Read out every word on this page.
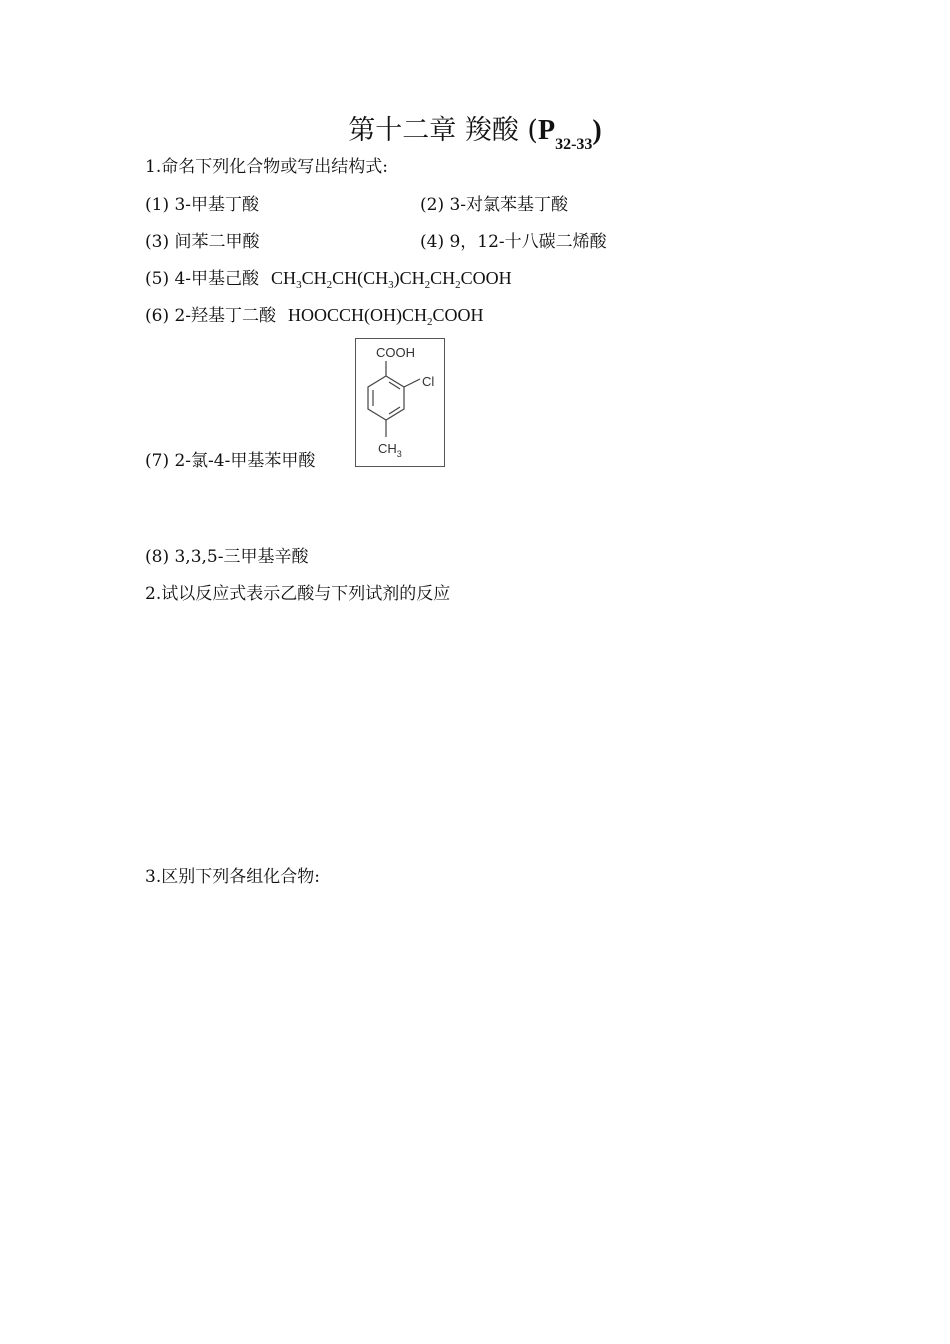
第十二章 羧酸 $(P_{32-33})$
1.命名下列化合物或写出结构式:
(1) 3-甲基丁酸	(2) 3-对氯苯基丁酸
(3) 间苯二甲酸	(4) 9，12-十八碳二烯酸
(5) 4-甲基己酸 $CH_3CH_2CH(CH_3)CH_2CH_2COOH$
(6) 2-羟基丁二酸 $HOOCCH(OH)CH_2COOH$
COOH
Cl
$CH_3$
(7) 2-氯-4-甲基苯甲酸
(8) 3,3,5-三甲基辛酸
2.试以反应式表示乙酸与下列试剂的反应
3.区别下列各组化合物:
